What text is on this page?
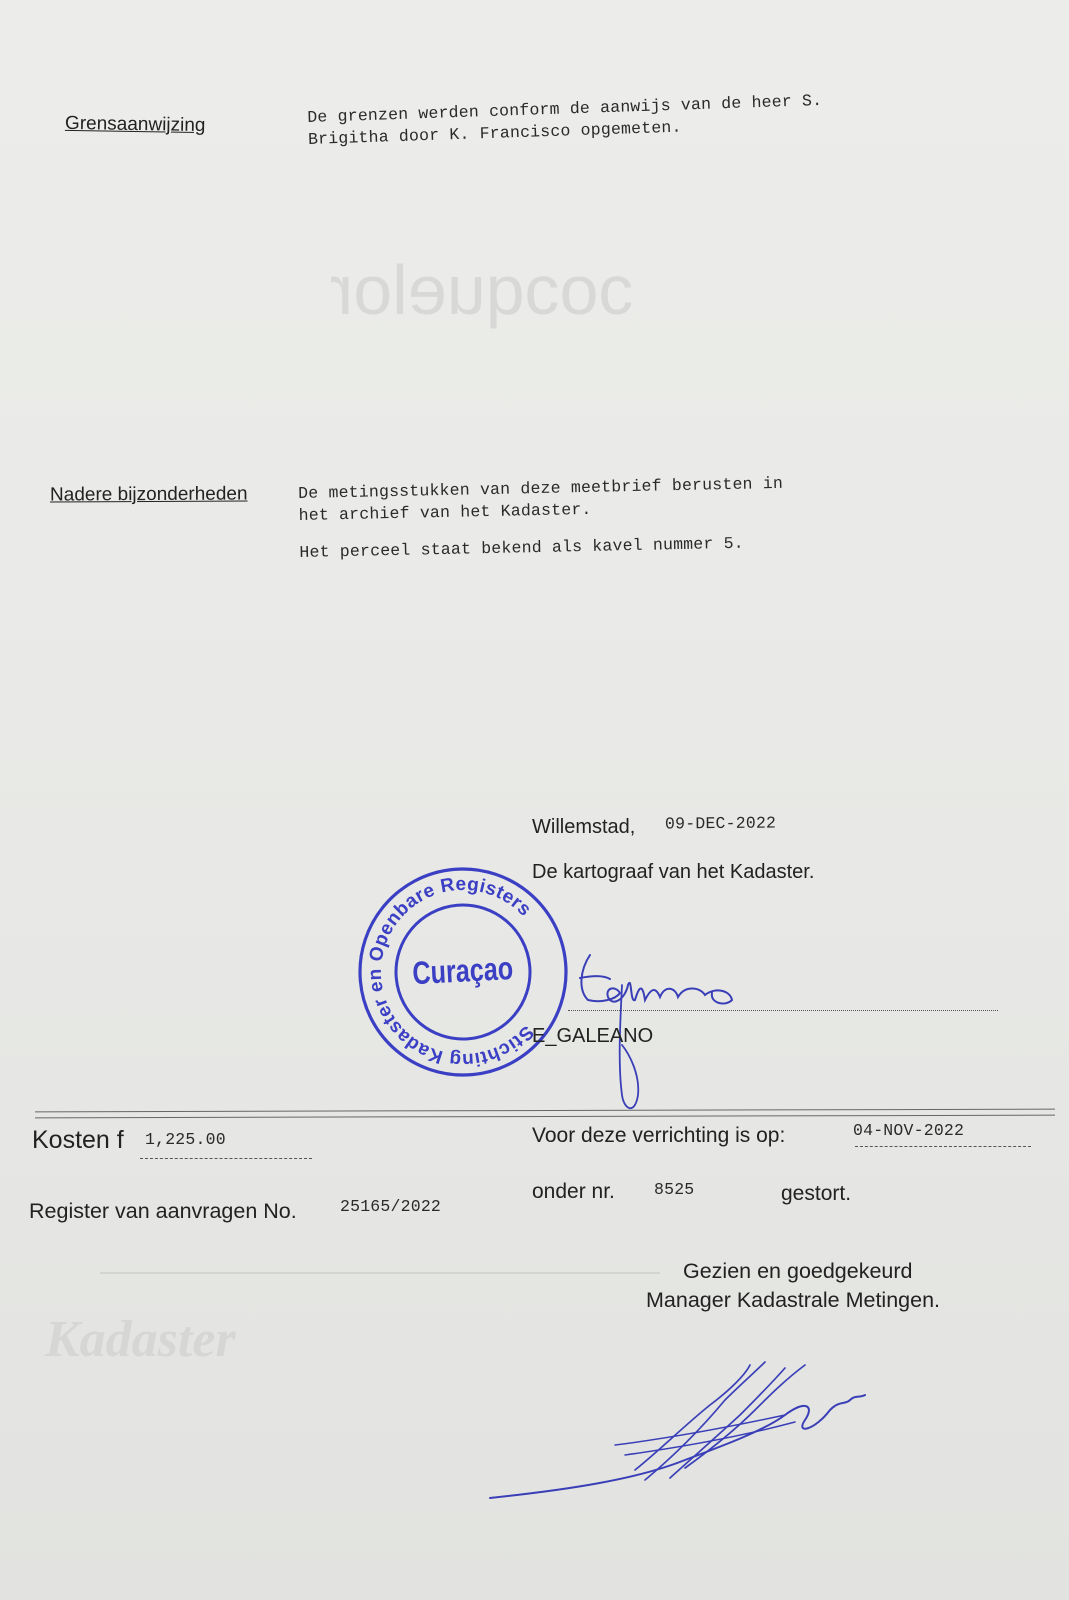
ɔoɔquelor
Kadaster
Grensaanwijzing	De grenzen werden conform de aanwijs van de heer S.
Brigitha door K. Francisco opgemeten.
Nadere bijzonderheden	De metingsstukken van deze meetbrief berusten in
het archief van het Kadaster.
Het perceel staat bekend als kavel nummer 5.
Willemstad, 09-DEC-2022
De kartograaf van het Kadaster.
Stichting Kadaster en Openbare Registers
Curaçao
E_GALEANO
Kosten f 1,225.00	Voor deze verrichting is op:	04-NOV-2022
onder nr. 8525	gestort.
Register van aanvragen No.	25165/2022
Gezien en goedgekeurd
Manager Kadastrale Metingen.
